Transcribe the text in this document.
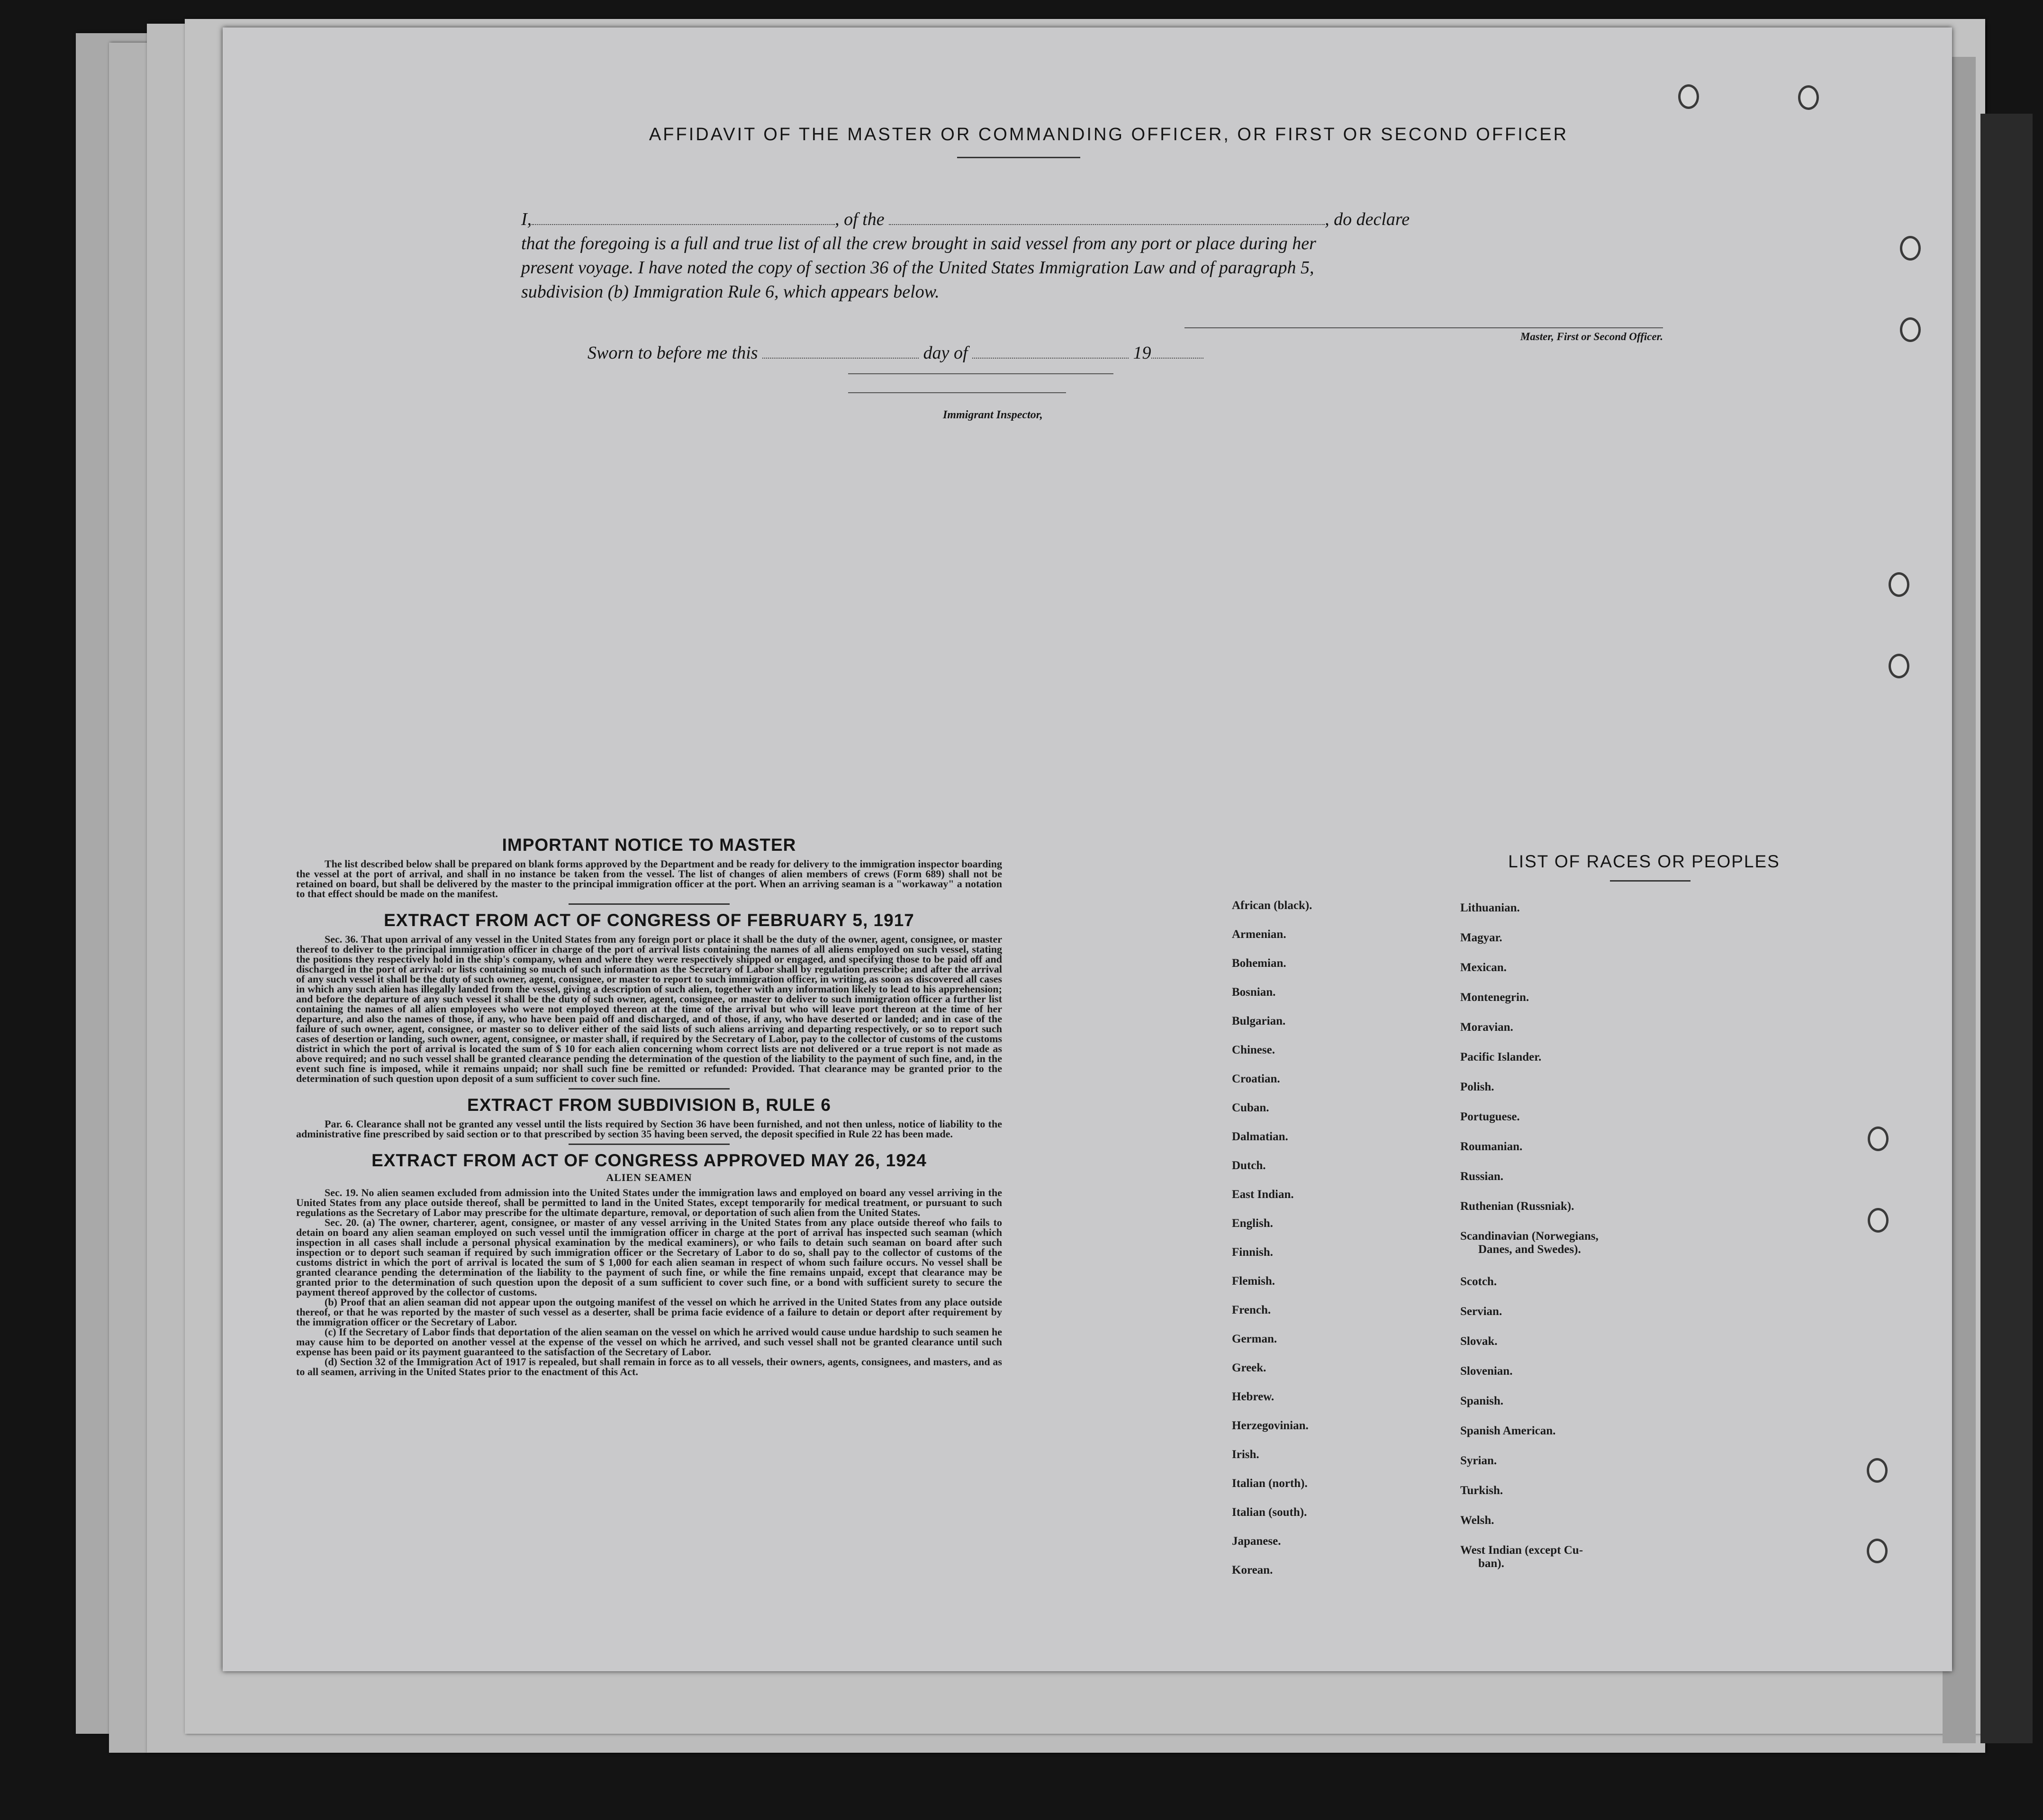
AFFIDAVIT OF THE MASTER OR COMMANDING OFFICER, OR FIRST OR SECOND OFFICER

I,	, of the	, do declare

that the foregoing is a full and true list of all the crew brought in said vessel from any port or place during her

present voyage. I have noted the copy of section 36 of the United States Immigration Law and of paragraph 5,

subdivision (b) Immigration Rule 6, which appears below.

Master, First or Second Officer.
Sworn to before me this	day of	19
Immigrant Inspector,
IMPORTANT NOTICE TO MASTER

The list described below shall be prepared on blank forms approved by the Department and be ready for delivery to the immigration inspector boarding the vessel at the port of arrival, and shall in no instance be taken from the vessel. The list of changes of alien members of crews (Form 689) shall not be retained on board, but shall be delivered by the master to the principal immigration officer at the port. When an arriving seaman is a "workaway" a notation to that effect should be made on the manifest.

EXTRACT FROM ACT OF CONGRESS OF FEBRUARY 5, 1917

Sec. 36. That upon arrival of any vessel in the United States from any foreign port or place it shall be the duty of the owner, agent, consignee, or master thereof to deliver to the principal immigration officer in charge of the port of arrival lists containing the names of all aliens employed on such vessel, stating the positions they respectively hold in the ship's company, when and where they were respectively shipped or engaged, and specifying those to be paid off and discharged in the port of arrival: or lists containing so much of such information as the Secretary of Labor shall by regulation prescribe; and after the arrival of any such vessel it shall be the duty of such owner, agent, consignee, or master to report to such immigration officer, in writing, as soon as discovered all cases in which any such alien has illegally landed from the vessel, giving a description of such alien, together with any information likely to lead to his apprehension; and before the departure of any such vessel it shall be the duty of such owner, agent, consignee, or master to deliver to such immigration officer a further list containing the names of all alien employees who were not employed thereon at the time of the arrival but who will leave port thereon at the time of her departure, and also the names of those, if any, who have been paid off and discharged, and of those, if any, who have deserted or landed; and in case of the failure of such owner, agent, consignee, or master so to deliver either of the said lists of such aliens arriving and departing respectively, or so to report such cases of desertion or landing, such owner, agent, consignee, or master shall, if required by the Secretary of Labor, pay to the collector of customs of the customs district in which the port of arrival is located the sum of $ 10 for each alien concerning whom correct lists are not delivered or a true report is not made as above required; and no such vessel shall be granted clearance pending the determination of the question of the liability to the payment of such fine, and, in the event such fine is imposed, while it remains unpaid; nor shall such fine be remitted or refunded: Provided. That clearance may be granted prior to the determination of such question upon deposit of a sum sufficient to cover such fine.

EXTRACT FROM SUBDIVISION B, RULE 6

Par. 6. Clearance shall not be granted any vessel until the lists required by Section 36 have been furnished, and not then unless, notice of liability to the administrative fine prescribed by said section or to that prescribed by section 35 having been served, the deposit specified in Rule 22 has been made.

EXTRACT FROM ACT OF CONGRESS APPROVED MAY 26, 1924
ALIEN SEAMEN

Sec. 19. No alien seamen excluded from admission into the United States under the immigration laws and employed on board any vessel arriving in the United States from any place outside thereof, shall be permitted to land in the United States, except temporarily for medical treatment, or pursuant to such regulations as the Secretary of Labor may prescribe for the ultimate departure, removal, or deportation of such alien from the United States.

Sec. 20. (a) The owner, charterer, agent, consignee, or master of any vessel arriving in the United States from any place outside thereof who fails to detain on board any alien seaman employed on such vessel until the immigration officer in charge at the port of arrival has inspected such seaman (which inspection in all cases shall include a personal physical examination by the medical examiners), or who fails to detain such seaman on board after such inspection or to deport such seaman if required by such immigration officer or the Secretary of Labor to do so, shall pay to the collector of customs of the customs district in which the port of arrival is located the sum of $ 1,000 for each alien seaman in respect of whom such failure occurs. No vessel shall be granted clearance pending the determination of the liability to the payment of such fine, or while the fine remains unpaid, except that clearance may be granted prior to the determination of such question upon the deposit of a sum sufficient to cover such fine, or a bond with sufficient surety to secure the payment thereof approved by the collector of customs.

(b) Proof that an alien seaman did not appear upon the outgoing manifest of the vessel on which he arrived in the United States from any place outside thereof, or that he was reported by the master of such vessel as a deserter, shall be prima facie evidence of a failure to detain or deport after requirement by the immigration officer or the Secretary of Labor.

(c) If the Secretary of Labor finds that deportation of the alien seaman on the vessel on which he arrived would cause undue hardship to such seamen he may cause him to be deported on another vessel at the expense of the vessel on which he arrived, and such vessel shall not be granted clearance until such expense has been paid or its payment guaranteed to the satisfaction of the Secretary of Labor.

(d) Section 32 of the Immigration Act of 1917 is repealed, but shall remain in force as to all vessels, their owners, agents, consignees, and masters, and as to all seamen, arriving in the United States prior to the enactment of this Act.

LIST OF RACES OR PEOPLES
African (black).
Armenian.
Bohemian.
Bosnian.
Bulgarian.
Chinese.
Croatian.
Cuban.
Dalmatian.
Dutch.
East Indian.
English.
Finnish.
Flemish.
French.
German.
Greek.
Hebrew.
Herzegovinian.
Irish.
Italian (north).
Italian (south).
Japanese.
Korean.
Lithuanian.
Magyar.
Mexican.
Montenegrin.
Moravian.
Pacific Islander.
Polish.
Portuguese.
Roumanian.
Russian.
Ruthenian (Russniak).
Scandinavian (Norwegians,
Danes, and Swedes).
Scotch.
Servian.
Slovak.
Slovenian.
Spanish.
Spanish American.
Syrian.
Turkish.
Welsh.
West Indian (except Cu-
ban).
